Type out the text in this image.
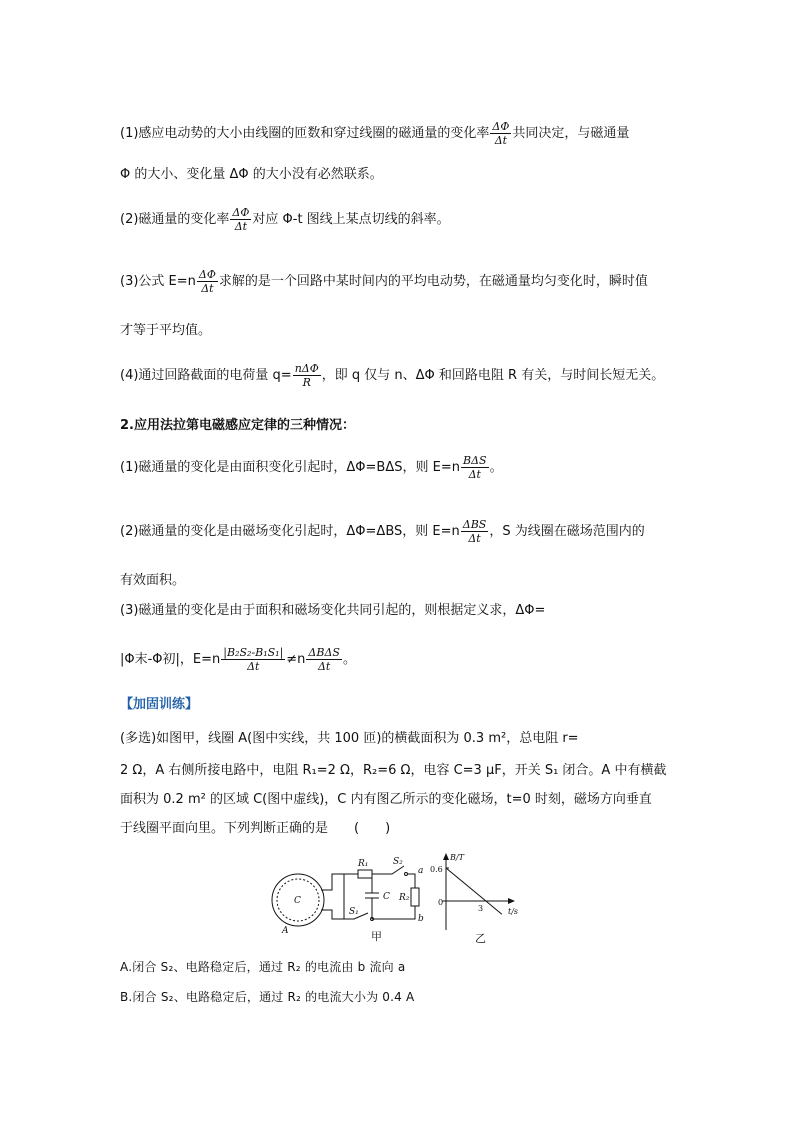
(1)感应电动势的大小由线圈的匝数和穿过线圈的磁通量的变化率 $\frac{\Delta\Phi}{\Delta t}$ 共同决定，与磁通量
Φ 的大小、变化量 ΔΦ 的大小没有必然联系。
(2)磁通量的变化率 $\frac{\Delta\Phi}{\Delta t}$ 对应 Φ-t 图线上某点切线的斜率。
(3)公式 $E=n \frac{\Delta\Phi}{\Delta t}$ 求解的是一个回路中某时间内的平均电动势，在磁通量均匀变化时，瞬时值
才等于平均值。
(4)通过回路截面的电荷量 $q= \frac{\text{nΔΦ}}{R}$ ，即 q 仅与 n、ΔΦ 和回路电阻 R 有关，与时间长短无关。
2.应用法拉第电磁感应定律的三种情况：
(1)磁通量的变化是由面积变化引起时，ΔΦ=BΔS，则 $E=n \frac{\text{BΔS}}{\Delta t}$ 。
(2)磁通量的变化是由磁场变化引起时，ΔΦ=ΔBS，则 $E=n \frac{\text{ΔBS}}{\Delta t}$ ，S 为线圈在磁场范围内的
有效面积。
(3)磁通量的变化是由于面积和磁场变化共同引起的，则根据定义求，ΔΦ=
|Φ末-Φ初|，$E=n \frac{\text{|B₂S₂-B₁S₁|}}{\Delta t} \ne n \frac{\text{ΔBΔS}}{\Delta t}$ 。
【加固训练】
(多选)如图甲，线圈 A(图中实线，共 100 匝)的横截面积为 0.3 m²，总电阻 r=
2 Ω，A 右侧所接电路中，电阻 R₁=2 Ω，R₂=6 Ω，电容 C=3 μF，开关 S₁ 闭合。A 中有横截
面积为 0.2 m² 的区域 C(图中虚线)，C 内有图乙所示的变化磁场，t=0 时刻，磁场方向垂直
于线圈平面向里。下列判断正确的是　　(　　)
C
A
R₁	S₂
a
b
C R₂
S₁
甲
B/T
0.6
0
3	t/s
乙
A.闭合 S₂、电路稳定后，通过 R₂ 的电流由 b 流向 a
B.闭合 S₂、电路稳定后，通过 R₂ 的电流大小为 0.4 A
